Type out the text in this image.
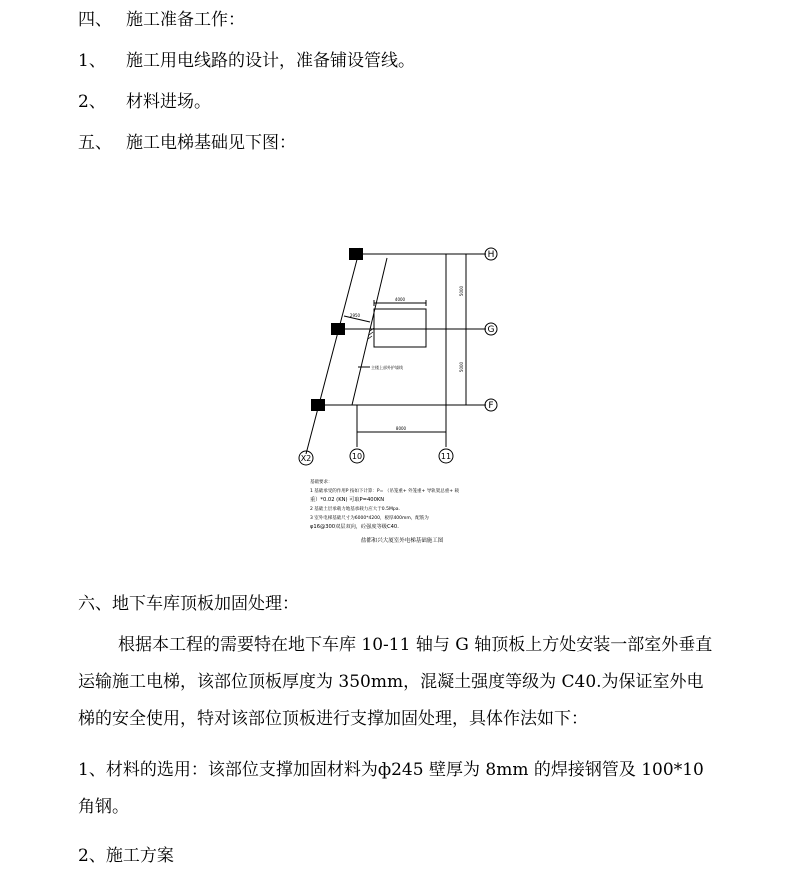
四、 施工准备工作：
1、 施工用电线路的设计，准备铺设管线。
2、 材料进场。
五、 施工电梯基础见下图：
H
G
F
X2	10	11
4000
8000
2950
5000
5000
主楼上部外护墙线
基础要求：
1 基础承受的作用P 按如下计算：P= （吊笼重+ 外笼重+ 导轨架总重+ 载
重）*0.02 (KN) 可取P=400KN
2 基础土层承载力地基承载力应大于0.5Mpa.
3 室外电梯基础尺寸为6000*4200，板厚400mm，配筋为
φ16@300双层双向，砼强度等级C40.
盐都和兴大厦室外电梯基础施工图
六、地下车库顶板加固处理：
根据本工程的需要特在地下车库 10-11 轴与 G 轴顶板上方处安装一部室外垂直运输施工电梯，该部位顶板厚度为 350mm，混凝土强度等级为 C40.为保证室外电梯的安全使用，特对该部位顶板进行支撑加固处理，具体作法如下：
1、材料的选用：该部位支撑加固材料为ф245 壁厚为 8mm 的焊接钢管及 100*10 角钢。
2、施工方案
